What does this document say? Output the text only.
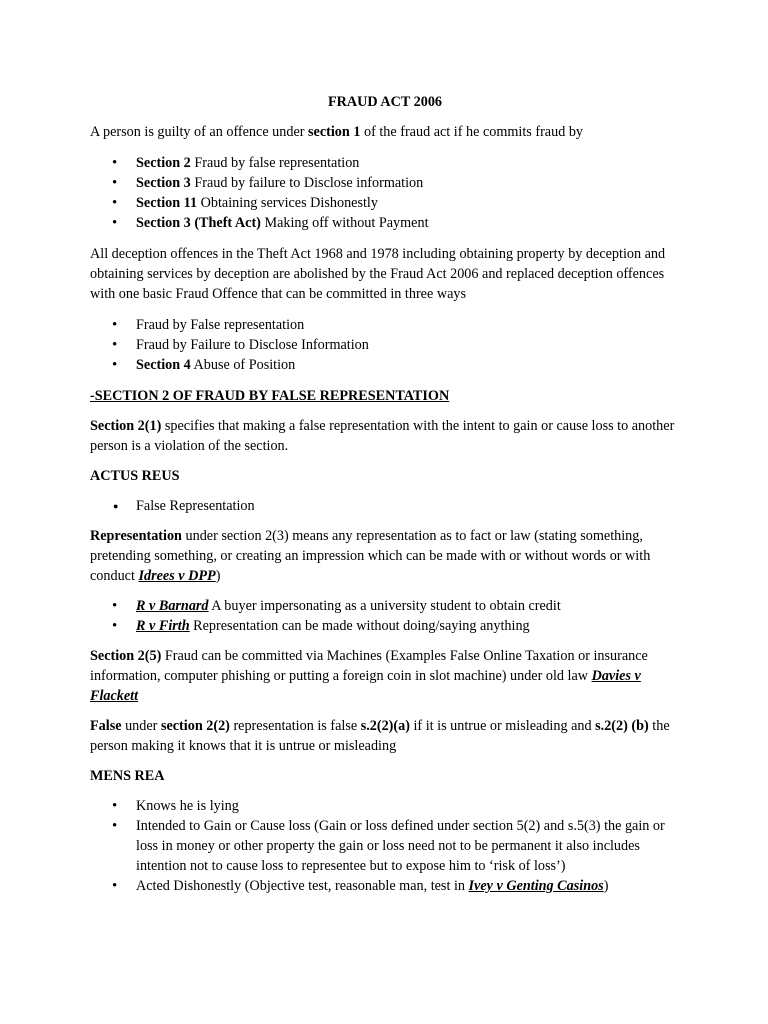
FRAUD ACT 2006

A person is guilty of an offence under section 1 of the fraud act if he commits fraud by

• Section 2 Fraud by false representation
• Section 3 Fraud by failure to Disclose information
• Section 11 Obtaining services Dishonestly
• Section 3 (Theft Act) Making off without Payment

All deception offences in the Theft Act 1968 and 1978 including obtaining property by deception and obtaining services by deception are abolished by the Fraud Act 2006 and replaced deception offences with one basic Fraud Offence that can be committed in three ways

• Fraud by False representation
• Fraud by Failure to Disclose Information
• Section 4 Abuse of Position

-SECTION 2 OF FRAUD BY FALSE REPRESENTATION

Section 2(1) specifies that making a false representation with the intent to gain or cause loss to another person is a violation of the section.

ACTUS REUS

● False Representation

Representation under section 2(3) means any representation as to fact or law (stating something, pretending something, or creating an impression which can be made with or without words or with conduct Idrees v DPP)

• R v Barnard A buyer impersonating as a university student to obtain credit
• R v Firth Representation can be made without doing/saying anything

Section 2(5) Fraud can be committed via Machines (Examples False Online Taxation or insurance information, computer phishing or putting a foreign coin in slot machine) under old law Davies v Flackett

False under section 2(2) representation is false s.2(2)(a) if it is untrue or misleading and s.2(2) (b) the person making it knows that it is untrue or misleading

MENS REA

• Knows he is lying
• Intended to Gain or Cause loss (Gain or loss defined under section 5(2) and s.5(3) the gain or loss in money or other property the gain or loss need not to be permanent it also includes intention not to cause loss to representee but to expose him to ‘risk of loss’)
• Acted Dishonestly (Objective test, reasonable man, test in Ivey v Genting Casinos)
